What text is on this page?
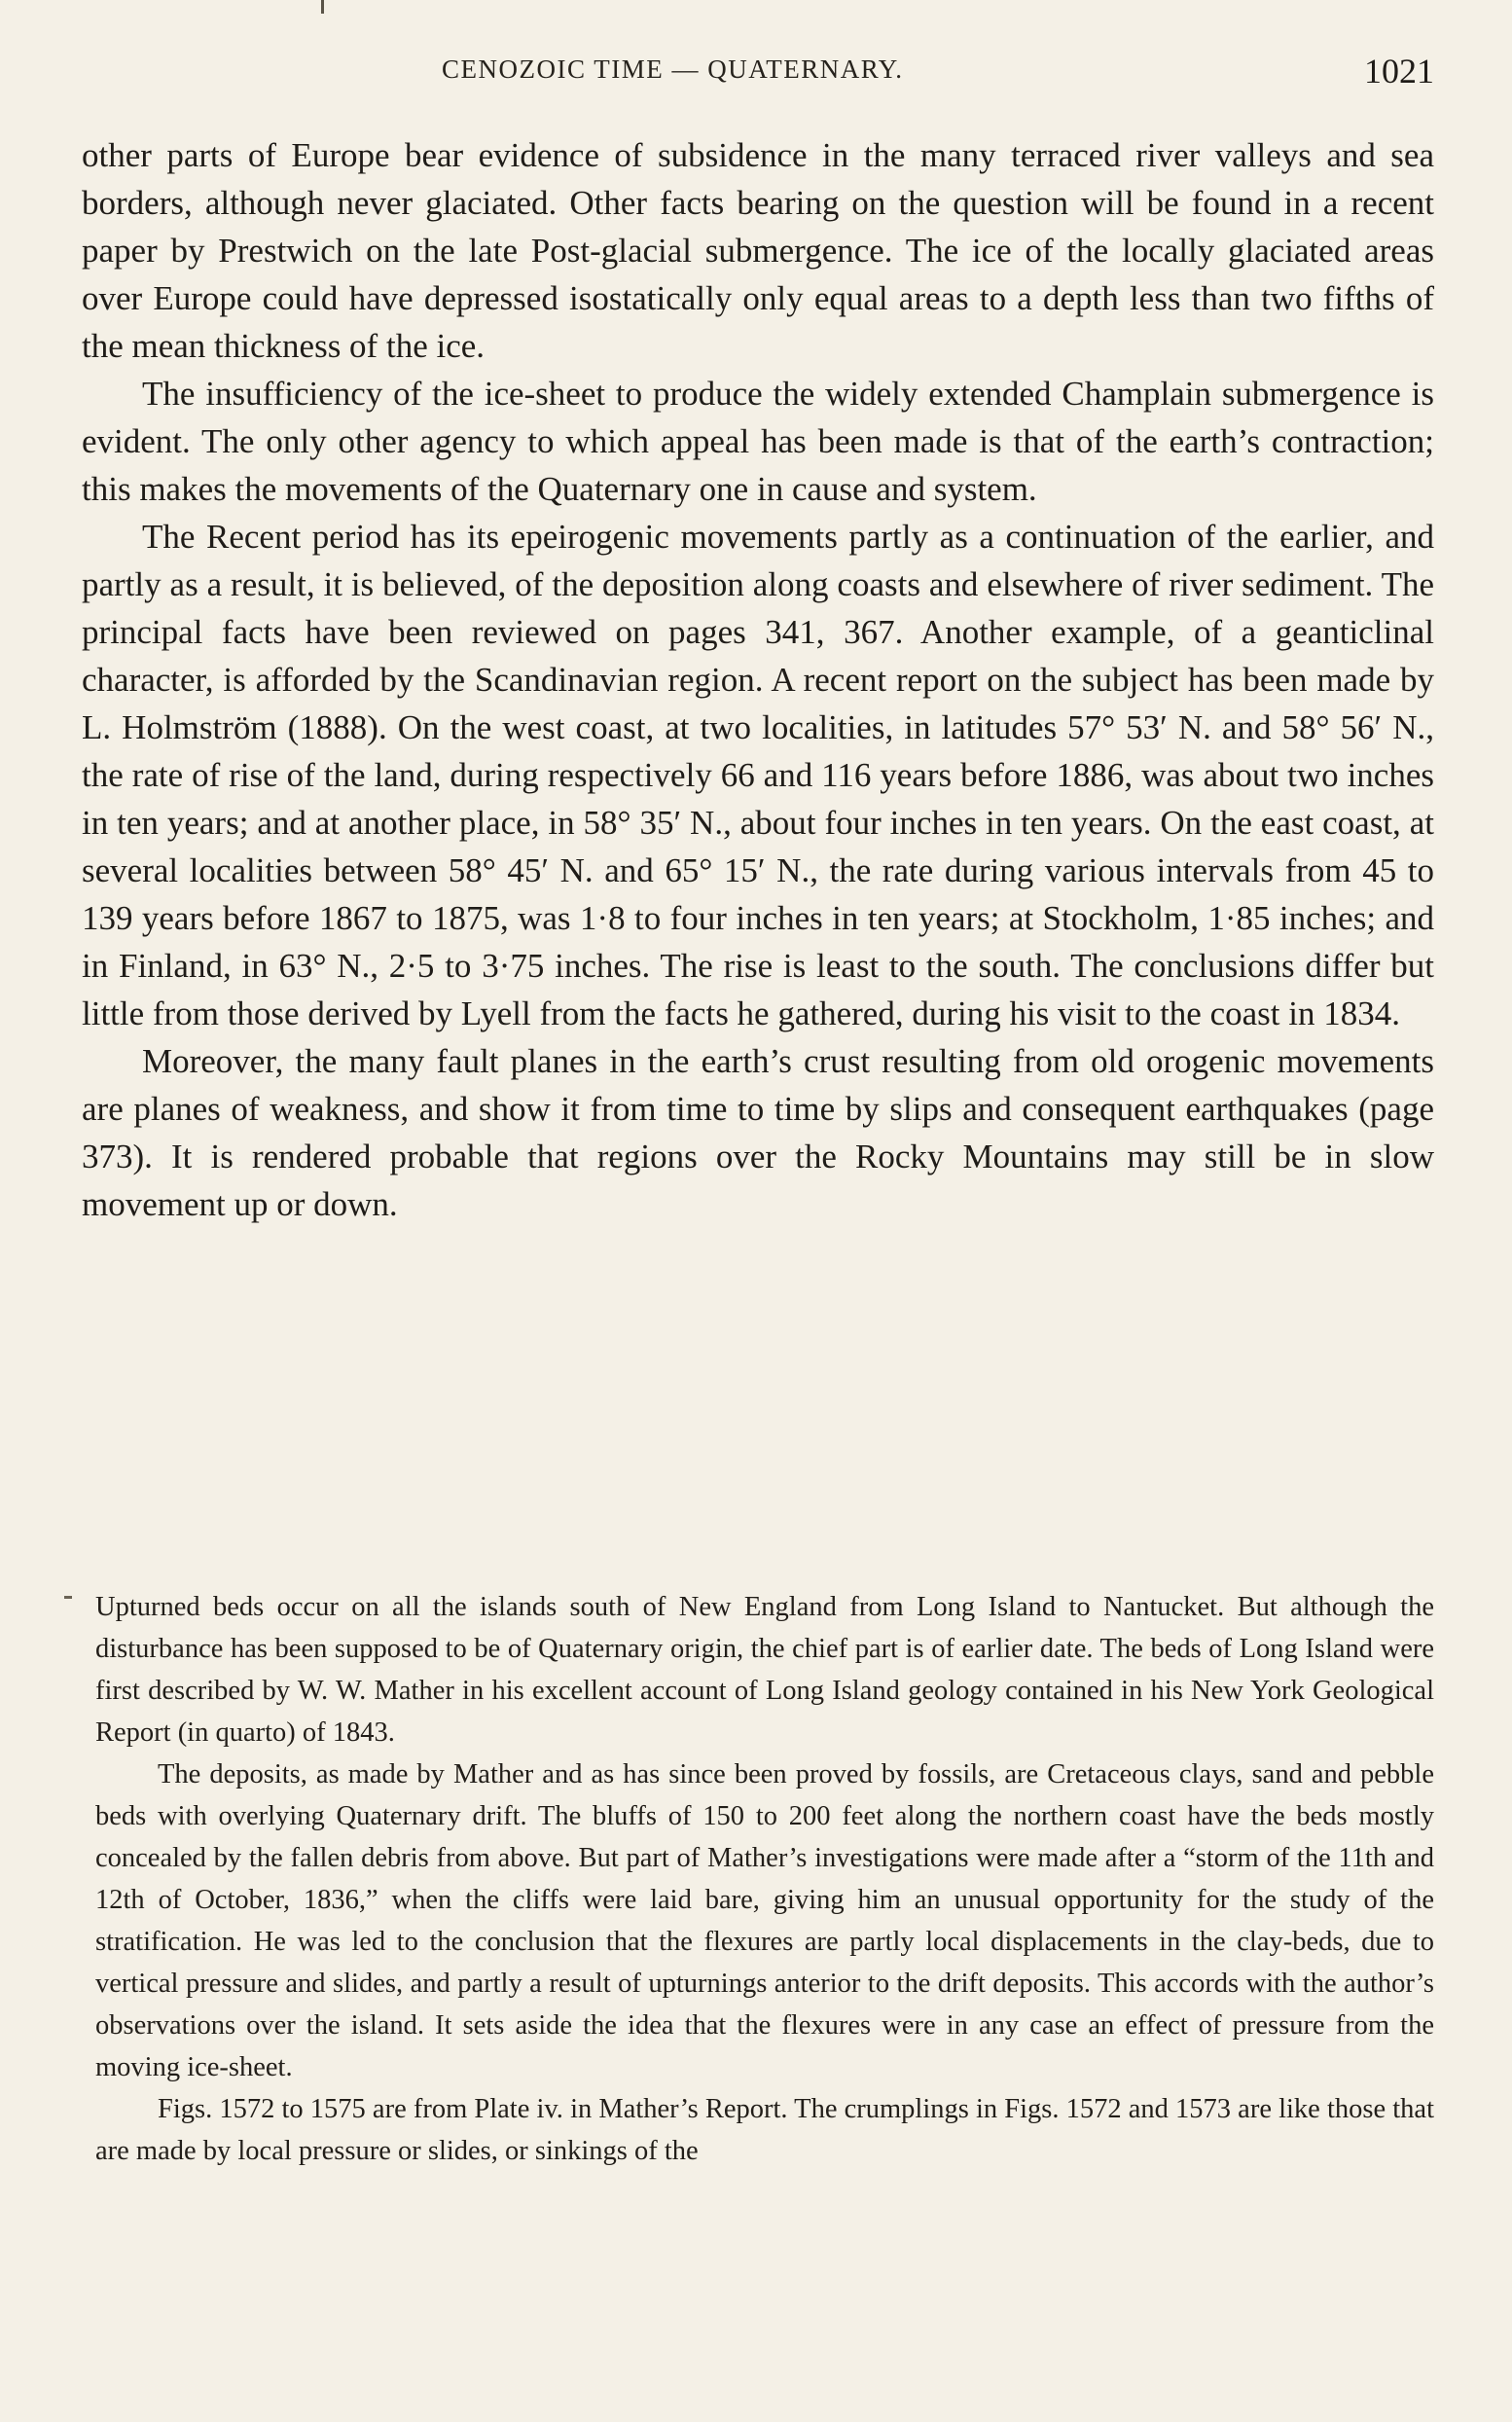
CENOZOIC TIME — QUATERNARY.	1021

other parts of Europe bear evidence of subsidence in the many terraced river valleys and sea borders, although never glaciated. Other facts bearing on the question will be found in a recent paper by Prestwich on the late Post-glacial submergence. The ice of the locally glaciated areas over Europe could have depressed isostatically only equal areas to a depth less than two fifths of the mean thickness of the ice.

The insufficiency of the ice-sheet to produce the widely extended Champlain submergence is evident. The only other agency to which appeal has been made is that of the earth’s contraction; this makes the movements of the Quaternary one in cause and system.

The Recent period has its epeirogenic movements partly as a continuation of the earlier, and partly as a result, it is believed, of the deposition along coasts and elsewhere of river sediment. The principal facts have been reviewed on pages 341, 367. Another example, of a geanticlinal character, is afforded by the Scandinavian region. A recent report on the subject has been made by L. Holmström (1888). On the west coast, at two localities, in latitudes 57° 53′ N. and 58° 56′ N., the rate of rise of the land, during respectively 66 and 116 years before 1886, was about two inches in ten years; and at another place, in 58° 35′ N., about four inches in ten years. On the east coast, at several localities between 58° 45′ N. and 65° 15′ N., the rate during various intervals from 45 to 139 years before 1867 to 1875, was 1·8 to four inches in ten years; at Stockholm, 1·85 inches; and in Finland, in 63° N., 2·5 to 3·75 inches. The rise is least to the south. The conclusions differ but little from those derived by Lyell from the facts he gathered, during his visit to the coast in 1834.

Moreover, the many fault planes in the earth’s crust resulting from old orogenic movements are planes of weakness, and show it from time to time by slips and consequent earthquakes (page 373). It is rendered probable that regions over the Rocky Mountains may still be in slow movement up or down.

Upturned beds occur on all the islands south of New England from Long Island to Nantucket. But although the disturbance has been supposed to be of Quaternary origin, the chief part is of earlier date. The beds of Long Island were first described by W. W. Mather in his excellent account of Long Island geology contained in his New York Geological Report (in quarto) of 1843.

The deposits, as made by Mather and as has since been proved by fossils, are Cretaceous clays, sand and pebble beds with overlying Quaternary drift. The bluffs of 150 to 200 feet along the northern coast have the beds mostly concealed by the fallen debris from above. But part of Mather’s investigations were made after a “storm of the 11th and 12th of October, 1836,” when the cliffs were laid bare, giving him an unusual opportunity for the study of the stratification. He was led to the conclusion that the flexures are partly local displacements in the clay-beds, due to vertical pressure and slides, and partly a result of upturnings anterior to the drift deposits. This accords with the author’s observations over the island. It sets aside the idea that the flexures were in any case an effect of pressure from the moving ice-sheet.

Figs. 1572 to 1575 are from Plate iv. in Mather’s Report. The crumplings in Figs. 1572 and 1573 are like those that are made by local pressure or slides, or sinkings of the
